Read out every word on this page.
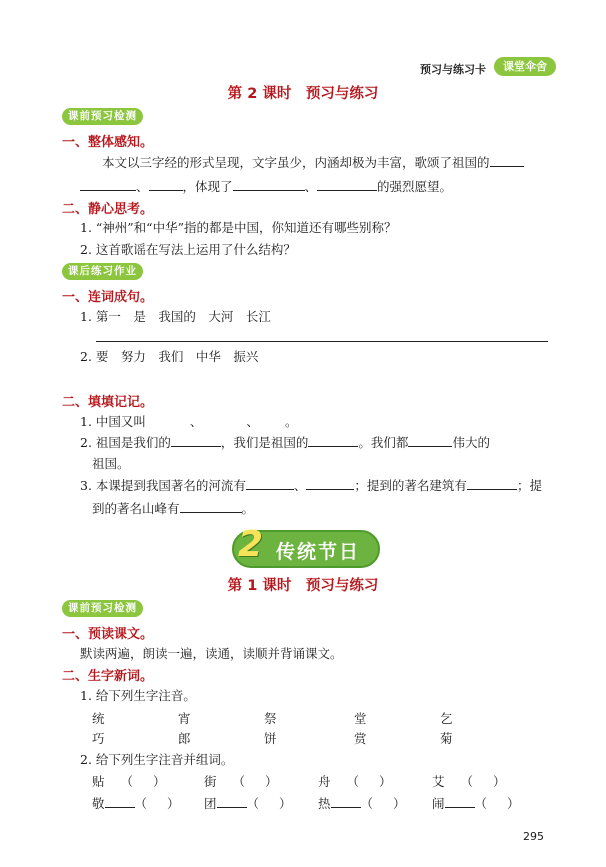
预习与练习卡	课堂伞舍
第 2 课时　预习与练习
课前预习检测
一、整体感知。
本文以三字经的形式呈现，文字虽少，内涵却极为丰富，歌颂了祖国的
、	，体现了	、	的强烈愿望。
二、静心思考。
1. “神州”和“中华”指的都是中国，你知道还有哪些别称？
2. 这首歌谣在写法上运用了什么结构？
课后练习作业
一、连词成句。
1. 第一　是　我国的　大河　长江
2. 要　努力　我们　中华　振兴
二、填填记记。
1. 中国又叫	、	、 。
2. 祖国是我们的	，我们是祖国的	。我们都	伟大的
祖国。
3. 本课提到我国著名的河流有	、	；提到的著名建筑有	；提
到的著名山峰有	。
2 传统节日
第 1 课时　预习与练习
课前预习检测
一、预读课文。
默读两遍，朗读一遍，读通，读顺并背诵课文。
二、生字新词。
1. 给下列生字注音。
统	宵	祭	堂	乞
巧	郎	饼	赏	菊
2. 给下列生字注音并组词。
贴 （ ）	街 （ ）	舟 （ ）	艾 （ ）
敬 （ ） 团 （ ） 热 （ ） 闹 （ ）
295
